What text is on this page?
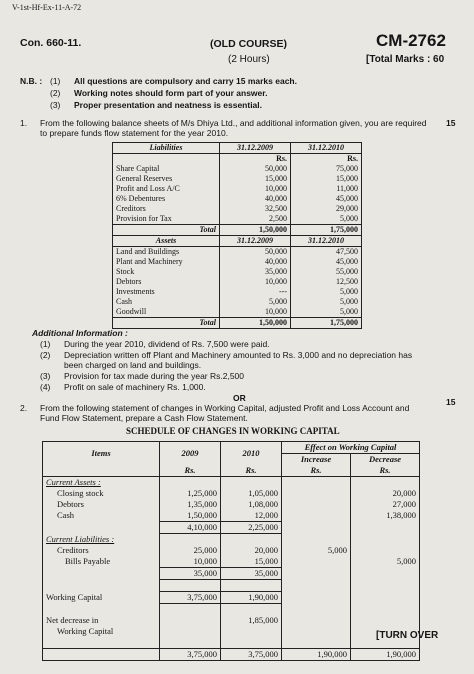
V-1st-Hf-Ex-11-A-72
Con. 660-11.	(OLD COURSE)	CM-2762
(2 Hours)	[Total Marks : 60
N.B. : (1) All questions are compulsory and carry 15 marks each.
(2) Working notes should form part of your answer.
(3) Proper presentation and neatness is essential.
1. From the following balance sheets of M/s Dhiya Ltd., and additional information given, you are required
to prepare funds flow statement for the year 2010.
15
Liabilities	31.12.2009	31.12.2010
	Rs.	Rs.
Share Capital	50,000	75,000
General Reserves	15,000	15,000
Profit and Loss A/C	10,000	11,000
6% Debentures	40,000	45,000
Creditors	32,500	29,000
Provision for Tax	2,500	5,000
Total	1,50,000	1,75,000
Assets	31.12.2009	31.12.2010
Land and Buildings	50,000	47,500
Plant and Machinery	40,000	45,000
Stock	35,000	55,000
Debtors	10,000	12,500
Investments	---	5,000
Cash	5,000	5,000
Goodwill	10,000	5,000
Total	1,50,000	1,75,000
Additional Information :
(1) During the year 2010, dividend of Rs. 7,500 were paid.
(2) Depreciation written off Plant and Machinery amounted to Rs. 3,000 and no depreciation has
been charged on land and buildings.
(3) Provision for tax made during the year Rs.2,500
(4) Profit on sale of machinery Rs. 1,000.
OR
2. From the following statement of changes in Working Capital, adjusted Profit and Loss Account and
Fund Flow Statement, prepare a Cash Flow Statement.
15
SCHEDULE OF CHANGES IN WORKING CAPITAL
Items	2009	2010	Effect on Working Capital	
			Increase	Decrease
	Rs.	Rs.	Rs.	Rs.
Current Assets :				
Closing stock	1,25,000	1,05,000		20,000
Debtors	1,35,000	1,08,000		27,000
Cash	1,50,000	12,000		1,38,000
	4,10,000	2,25,000		
Current Liabilities :				
Creditors	25,000	20,000	5,000	
Bills Payable	10,000	15,000		5,000
	35,000	35,000		

Working Capital	3,75,000	1,90,000		

Net decrease in		1,85,000		
Working Capital				

	3,75,000	3,75,000	1,90,000	1,90,000
[TURN OVER
